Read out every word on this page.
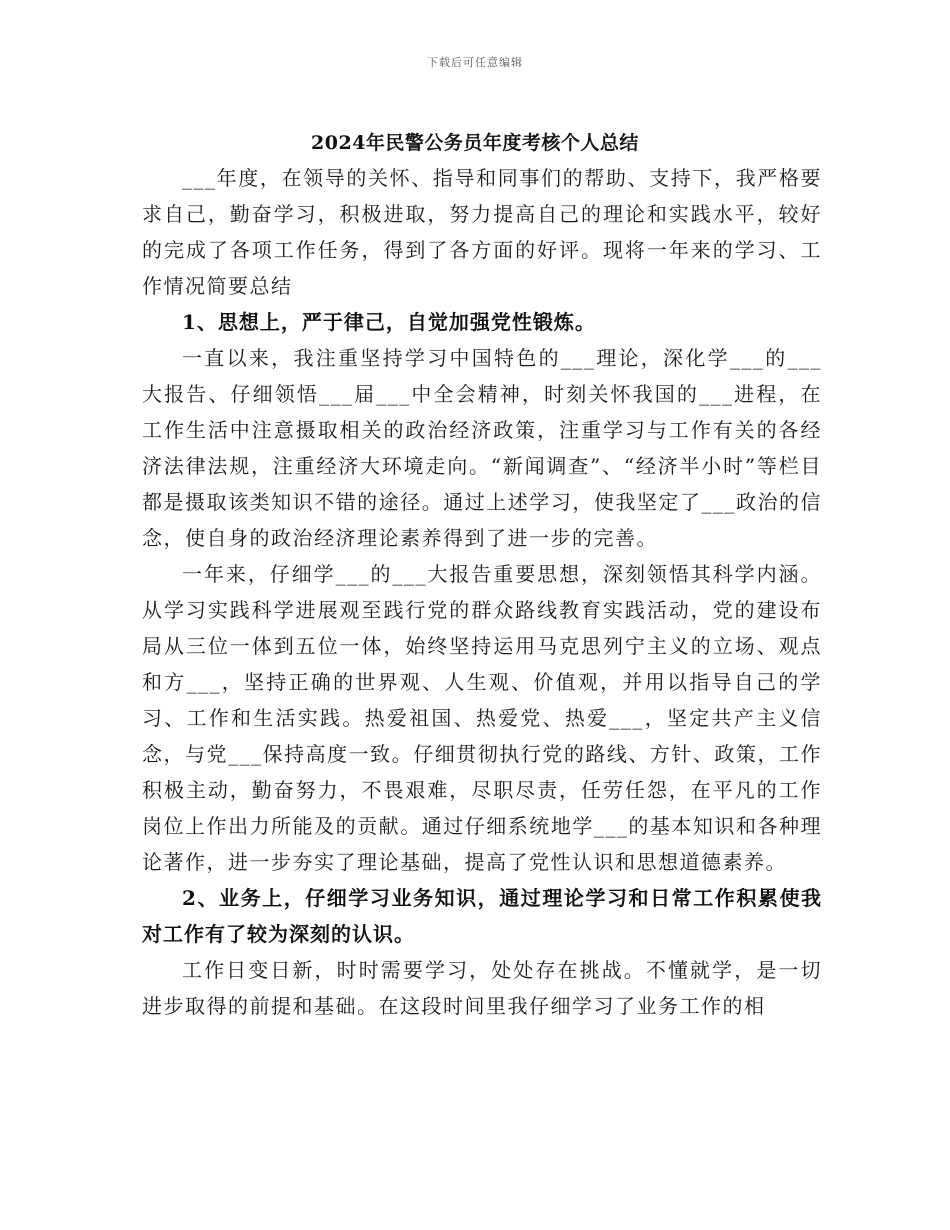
下载后可任意编辑
2024年民警公务员年度考核个人总结

___年度，在领导的关怀、指导和同事们的帮助、支持下，我严格要求自己，勤奋学习，积极进取，努力提高自己的理论和实践水平，较好的完成了各项工作任务，得到了各方面的好评。现将一年来的学习、工作情况简要总结

1、思想上，严于律己，自觉加强党性锻炼。

一直以来，我注重坚持学习中国特色的___理论，深化学___的___大报告、仔细领悟___届___中全会精神，时刻关怀我国的___进程，在工作生活中注意摄取相关的政治经济政策，注重学习与工作有关的各经济法律法规，注重经济大环境走向。“新闻调查”、“经济半小时”等栏目都是摄取该类知识不错的途径。通过上述学习，使我坚定了___政治的信念，使自身的政治经济理论素养得到了进一步的完善。

一年来，仔细学___的___大报告重要思想，深刻领悟其科学内涵。从学习实践科学进展观至践行党的群众路线教育实践活动，党的建设布局从三位一体到五位一体，始终坚持运用马克思列宁主义的立场、观点和方___，坚持正确的世界观、人生观、价值观，并用以指导自己的学习、工作和生活实践。热爱祖国、热爱党、热爱___，坚定共产主义信念，与党___保持高度一致。仔细贯彻执行党的路线、方针、政策，工作积极主动，勤奋努力，不畏艰难，尽职尽责，任劳任怨，在平凡的工作岗位上作出力所能及的贡献。通过仔细系统地学___的基本知识和各种理论著作，进一步夯实了理论基础，提高了党性认识和思想道德素养。

2、业务上，仔细学习业务知识，通过理论学习和日常工作积累使我对工作有了较为深刻的认识。

工作日变日新，时时需要学习，处处存在挑战。不懂就学，是一切进步取得的前提和基础。在这段时间里我仔细学习了业务工作的相
